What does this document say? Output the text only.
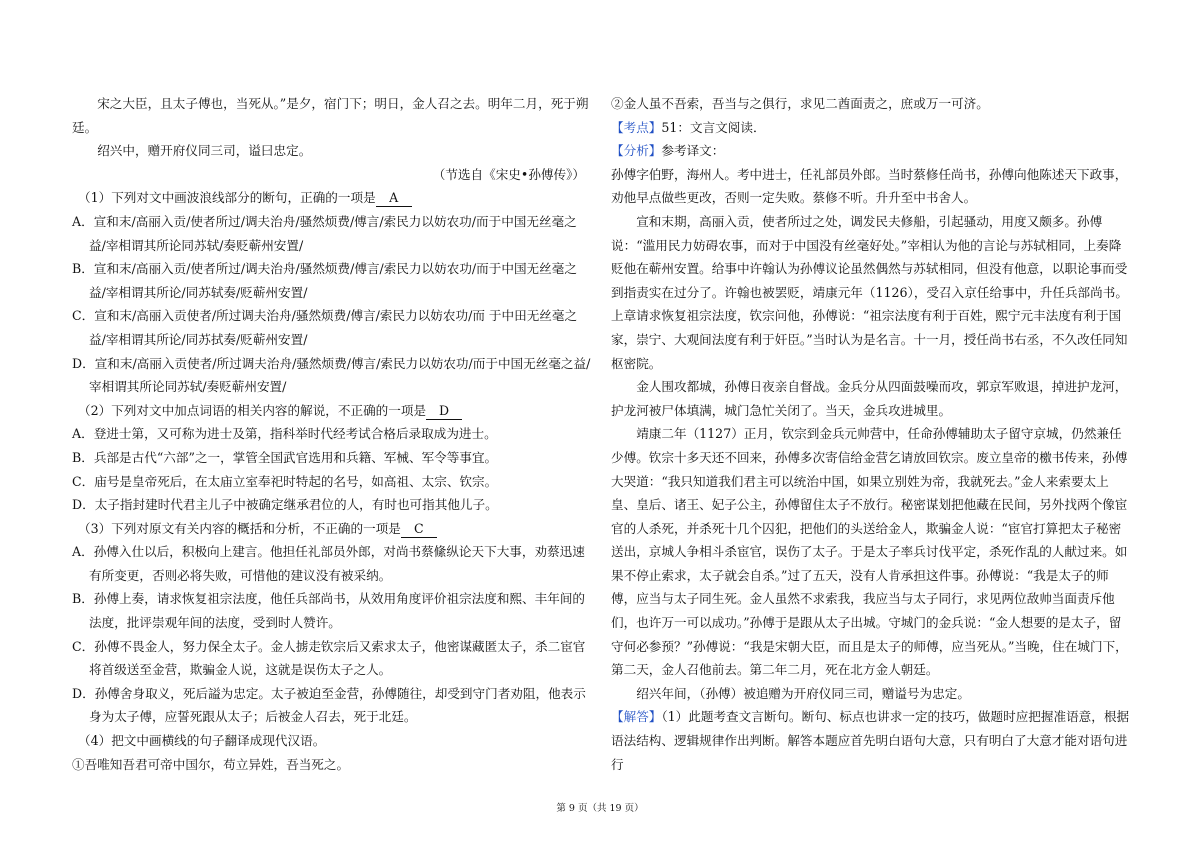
宋之大臣，且太子傅也，当死从。”是夕，宿门下；明日，金人召之去。明年二月，死于朔廷。

绍兴中，赠开府仪同三司，谥曰忠定。

（节选自《宋史•孙傅传》）

（1）下列对文中画波浪线部分的断句，正确的一项是 A

A．宣和末/高丽入贡/使者所过/调夫治舟/骚然烦费/傅言/索民力以妨农功/而于中国无丝毫之益/宰相谓其所论同苏轼/奏贬蕲州安置/

B．宣和末/高丽入贡/使者所过/调夫治舟/骚然烦费/傅言/索民力以妨农功/而于中国无丝毫之益/宰相谓其所论/同苏轼奏/贬蕲州安置/

C．宣和末/高丽入贡使者/所过调夫治舟/骚然烦费/傅言/索民力以妨农功/而 于中田无丝毫之益/宰相谓其所论/同苏拭奏/贬蕲州安置/

D．宣和末/高丽入贡使者/所过调夫治舟/骚然烦费/傅言/索民力以妨农功/而于中国无丝毫之益/宰相谓其所论同苏轼/奏贬蕲州安置/

（2）下列对文中加点词语的相关内容的解说，不正确的一项是 D

A．登进士第，又可称为进士及第，指科举时代经考试合格后录取成为进士。

B．兵部是古代“六部”之一，掌管全国武官选用和兵籍、军械、军令等事宜。

C．庙号是皇帝死后，在太庙立室奉祀时特起的名号，如高祖、太宗、钦宗。

D．太子指封建时代君主儿子中被确定继承君位的人，有时也可指其他儿子。

（3）下列对原文有关内容的概括和分析，不正确的一项是 C

A．孙傅入仕以后，积极向上建言。他担任礼部员外郎，对尚书蔡絛纵论天下大事，劝蔡迅速有所变更，否则必将失败，可惜他的建议没有被采纳。

B．孙傅上奏，请求恢复祖宗法度，他任兵部尚书，从效用角度评价祖宗法度和熙、丰年间的法度，批评崇观年间的法度，受到时人赞许。

C．孙傅不畏金人，努力保全太子。金人掳走钦宗后又索求太子，他密谋藏匿太子，杀二宦官将首级送至金营，欺骗金人说，这就是误伤太子之人。

D．孙傅舍身取义，死后謚为忠定。太子被迫至金营，孙傅随往，却受到守门者劝阻，他表示身为太子傅，应誓死跟从太子；后被金人召去，死于北廷。

（4）把文中画横线的句子翻译成现代汉语。

①吾唯知吾君可帝中国尔，苟立异姓，吾当死之。

②金人虽不吾索，吾当与之俱行，求见二酋面责之，庶或万一可济。

【考点】51：文言文阅读．

【分析】参考译文：

孙傅字伯野，海州人。考中进士，任礼部员外郎。当时蔡修任尚书，孙傅向他陈述天下政事，劝他早点做些更改，否则一定失败。蔡修不听。升升至中书舍人。

宣和末期，高丽入贡，使者所过之处，调发民夫修船，引起骚动，用度又颇多。孙傅说：“滥用民力妨碍农事，而对于中国没有丝毫好处。”宰相认为他的言论与苏轼相同，上奏降贬他在蕲州安置。给事中许翰认为孙傅议论虽然偶然与苏轼相同，但没有他意，以职论事而受到指责实在过分了。许翰也被罢贬，靖康元年（1126），受召入京任给事中，升任兵部尚书。上章请求恢复祖宗法度，钦宗问他，孙傅说：“祖宗法度有利于百姓，熙宁元丰法度有利于国家，崇宁、大观间法度有利于奸臣。”当时认为是名言。十一月，授任尚书右丞，不久改任同知枢密院。

金人围攻都城，孙傅日夜亲自督战。金兵分从四面鼓噪而攻，郭京军败退，掉进护龙河，护龙河被尸体填满，城门急忙关闭了。当天，金兵攻进城里。

靖康二年（1127）正月，钦宗到金兵元帅营中，任命孙傅辅助太子留守京城，仍然兼任少傅。钦宗十多天还不回来，孙傅多次寄信给金营乞请放回钦宗。废立皇帝的檄书传来，孙傅大哭道：“我只知道我们君主可以统治中国，如果立别姓为帝，我就死去。”金人来索要太上皇、皇后、诸王、妃子公主，孙傅留住太子不放行。秘密谋划把他藏在民间，另外找两个像宦官的人杀死，并杀死十几个囚犯，把他们的头送给金人，欺骗金人说：“宦官打算把太子秘密送出，京城人争相斗杀宦官，误伤了太子。于是太子率兵讨伐平定，杀死作乱的人献过来。如果不停止索求，太子就会自杀。”过了五天，没有人肯承担这件事。孙傅说：“我是太子的师傅，应当与太子同生死。金人虽然不求索我，我应当与太子同行，求见两位敌帅当面责斥他们，也许万一可以成功。”孙傅于是跟从太子出城。守城门的金兵说：“金人想要的是太子，留守何必参预？”孙傅说：“我是宋朝大臣，而且是太子的师傅，应当死从。”当晚，住在城门下，第二天，金人召他前去。第二年二月，死在北方金人朝廷。

绍兴年间，（孙傅）被追赠为开府仪同三司，赠谥号为忠定。

【解答】（1）此题考查文言断句。断句、标点也讲求一定的技巧，做题时应把握准语意，根据语法结构、逻辑规律作出判断。解答本题应首先明白语句大意，只有明白了大意才能对语句进行

第 9 页（共 19 页）
